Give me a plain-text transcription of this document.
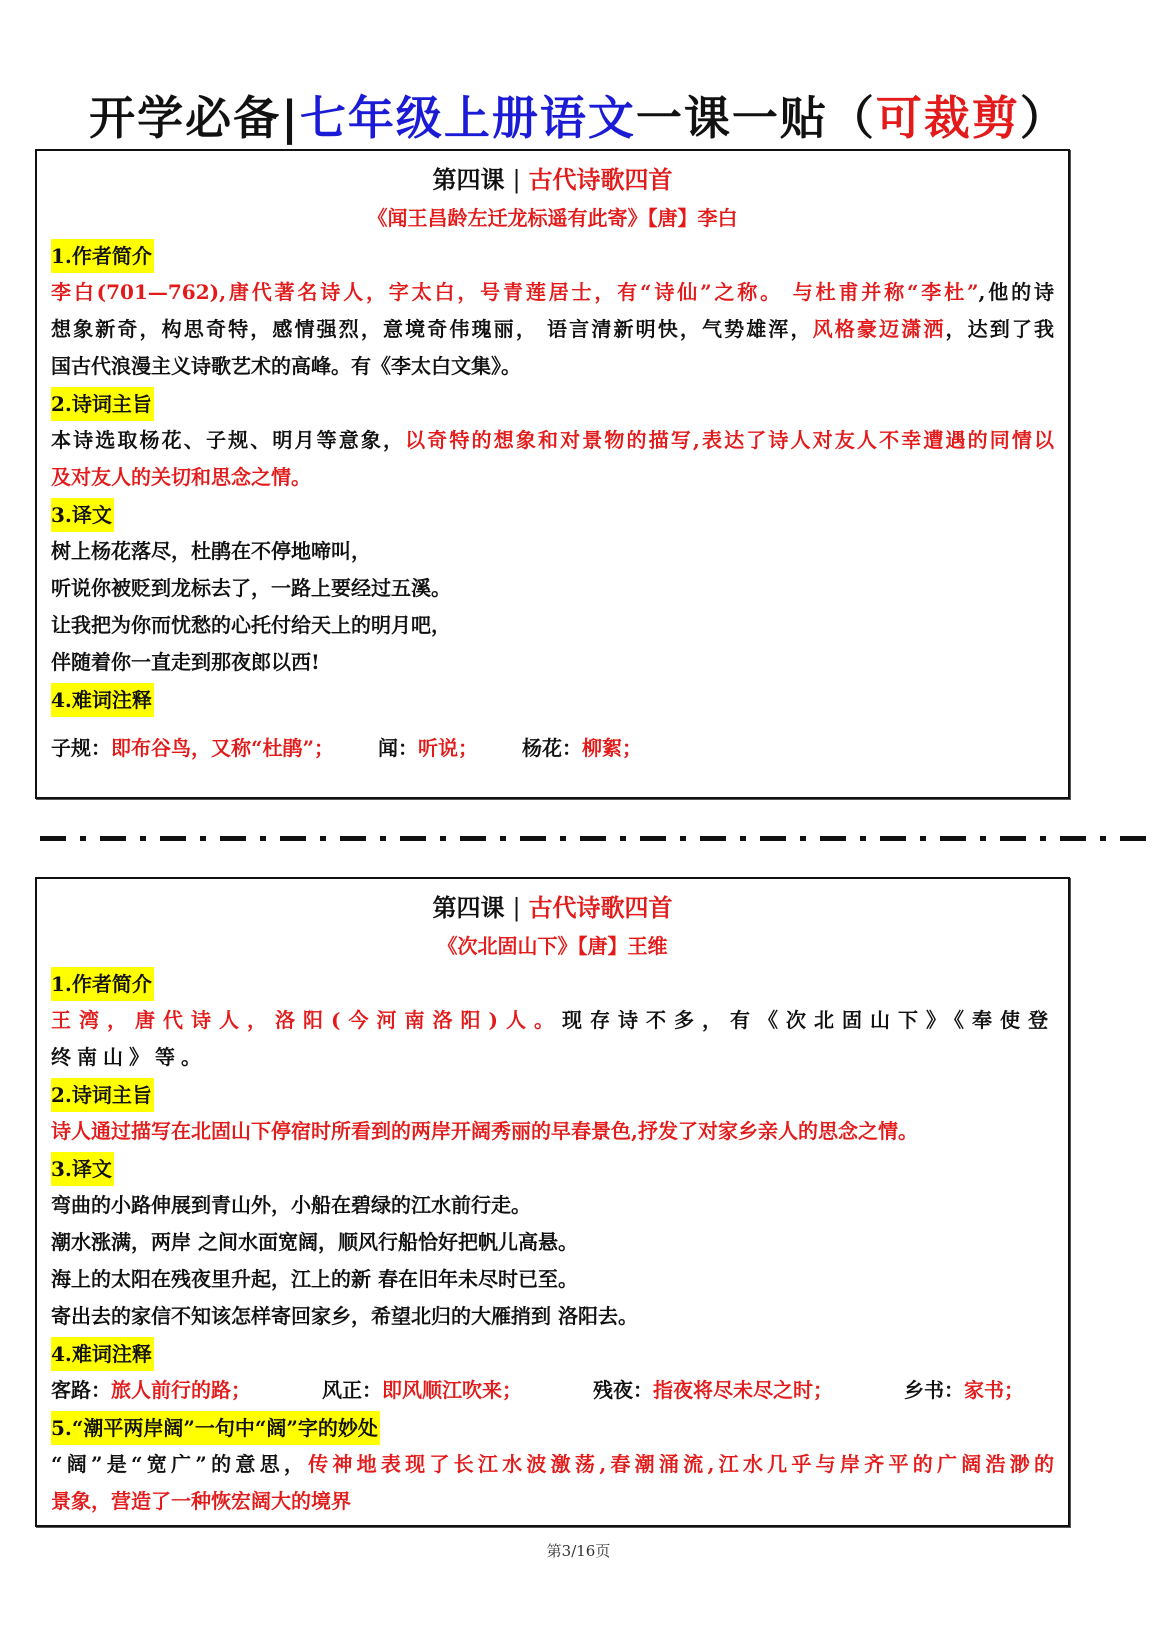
开学必备|七年级上册语文一课一贴（可裁剪）
第四课 | 古代诗歌四首
《闻王昌龄左迁龙标遥有此寄》【唐】李白
1.作者简介
李白(701—762),唐代著名诗人，字太白，号青莲居士，有“诗仙”之称。 与杜甫并称“李杜”,他的诗
想象新奇，构思奇特，感情强烈，意境奇伟瑰丽， 语言清新明快，气势雄浑，风格豪迈潇洒，达到了我
国古代浪漫主义诗歌艺术的高峰。有《李太白文集》。
2.诗词主旨
本诗选取杨花、子规、明月等意象，以奇特的想象和对景物的描写,表达了诗人对友人不幸遭遇的同情以
及对友人的关切和思念之情。
3.译文
树上杨花落尽，杜鹃在不停地啼叫，
听说你被贬到龙标去了，一路上要经过五溪。
让我把为你而忧愁的心托付给天上的明月吧，
伴随着你一直走到那夜郎以西!
4.难词注释
子规：即布谷鸟，又称“杜鹃”； 闻：听说； 杨花：柳絮；
第四课 | 古代诗歌四首
《次北固山下》【唐】王维
1.作者简介
王湾，唐代诗人，洛阳(今河南洛阳)人。现存诗不多，有《次北固山下》《奉使登
终南山》等。
2.诗词主旨
诗人通过描写在北固山下停宿时所看到的两岸开阔秀丽的早春景色,抒发了对家乡亲人的思念之情。
3.译文
弯曲的小路伸展到青山外，小船在碧绿的江水前行走。
潮水涨满，两岸 之间水面宽阔，顺风行船恰好把帆儿高悬。
海上的太阳在残夜里升起，江上的新 春在旧年未尽时已至。
寄出去的家信不知该怎样寄回家乡，希望北归的大雁捎到 洛阳去。
4.难词注释
客路：旅人前行的路；	风正：即风顺江吹来；	残夜：指夜将尽未尽之时；	乡书：家书；
5.“潮平两岸阔”一句中“阔”字的妙处
“阔”是“宽广”的意思，传神地表现了长江水波激荡,春潮涌流,江水几乎与岸齐平的广阔浩渺的
景象，营造了一种恢宏阔大的境界
第3/16页
